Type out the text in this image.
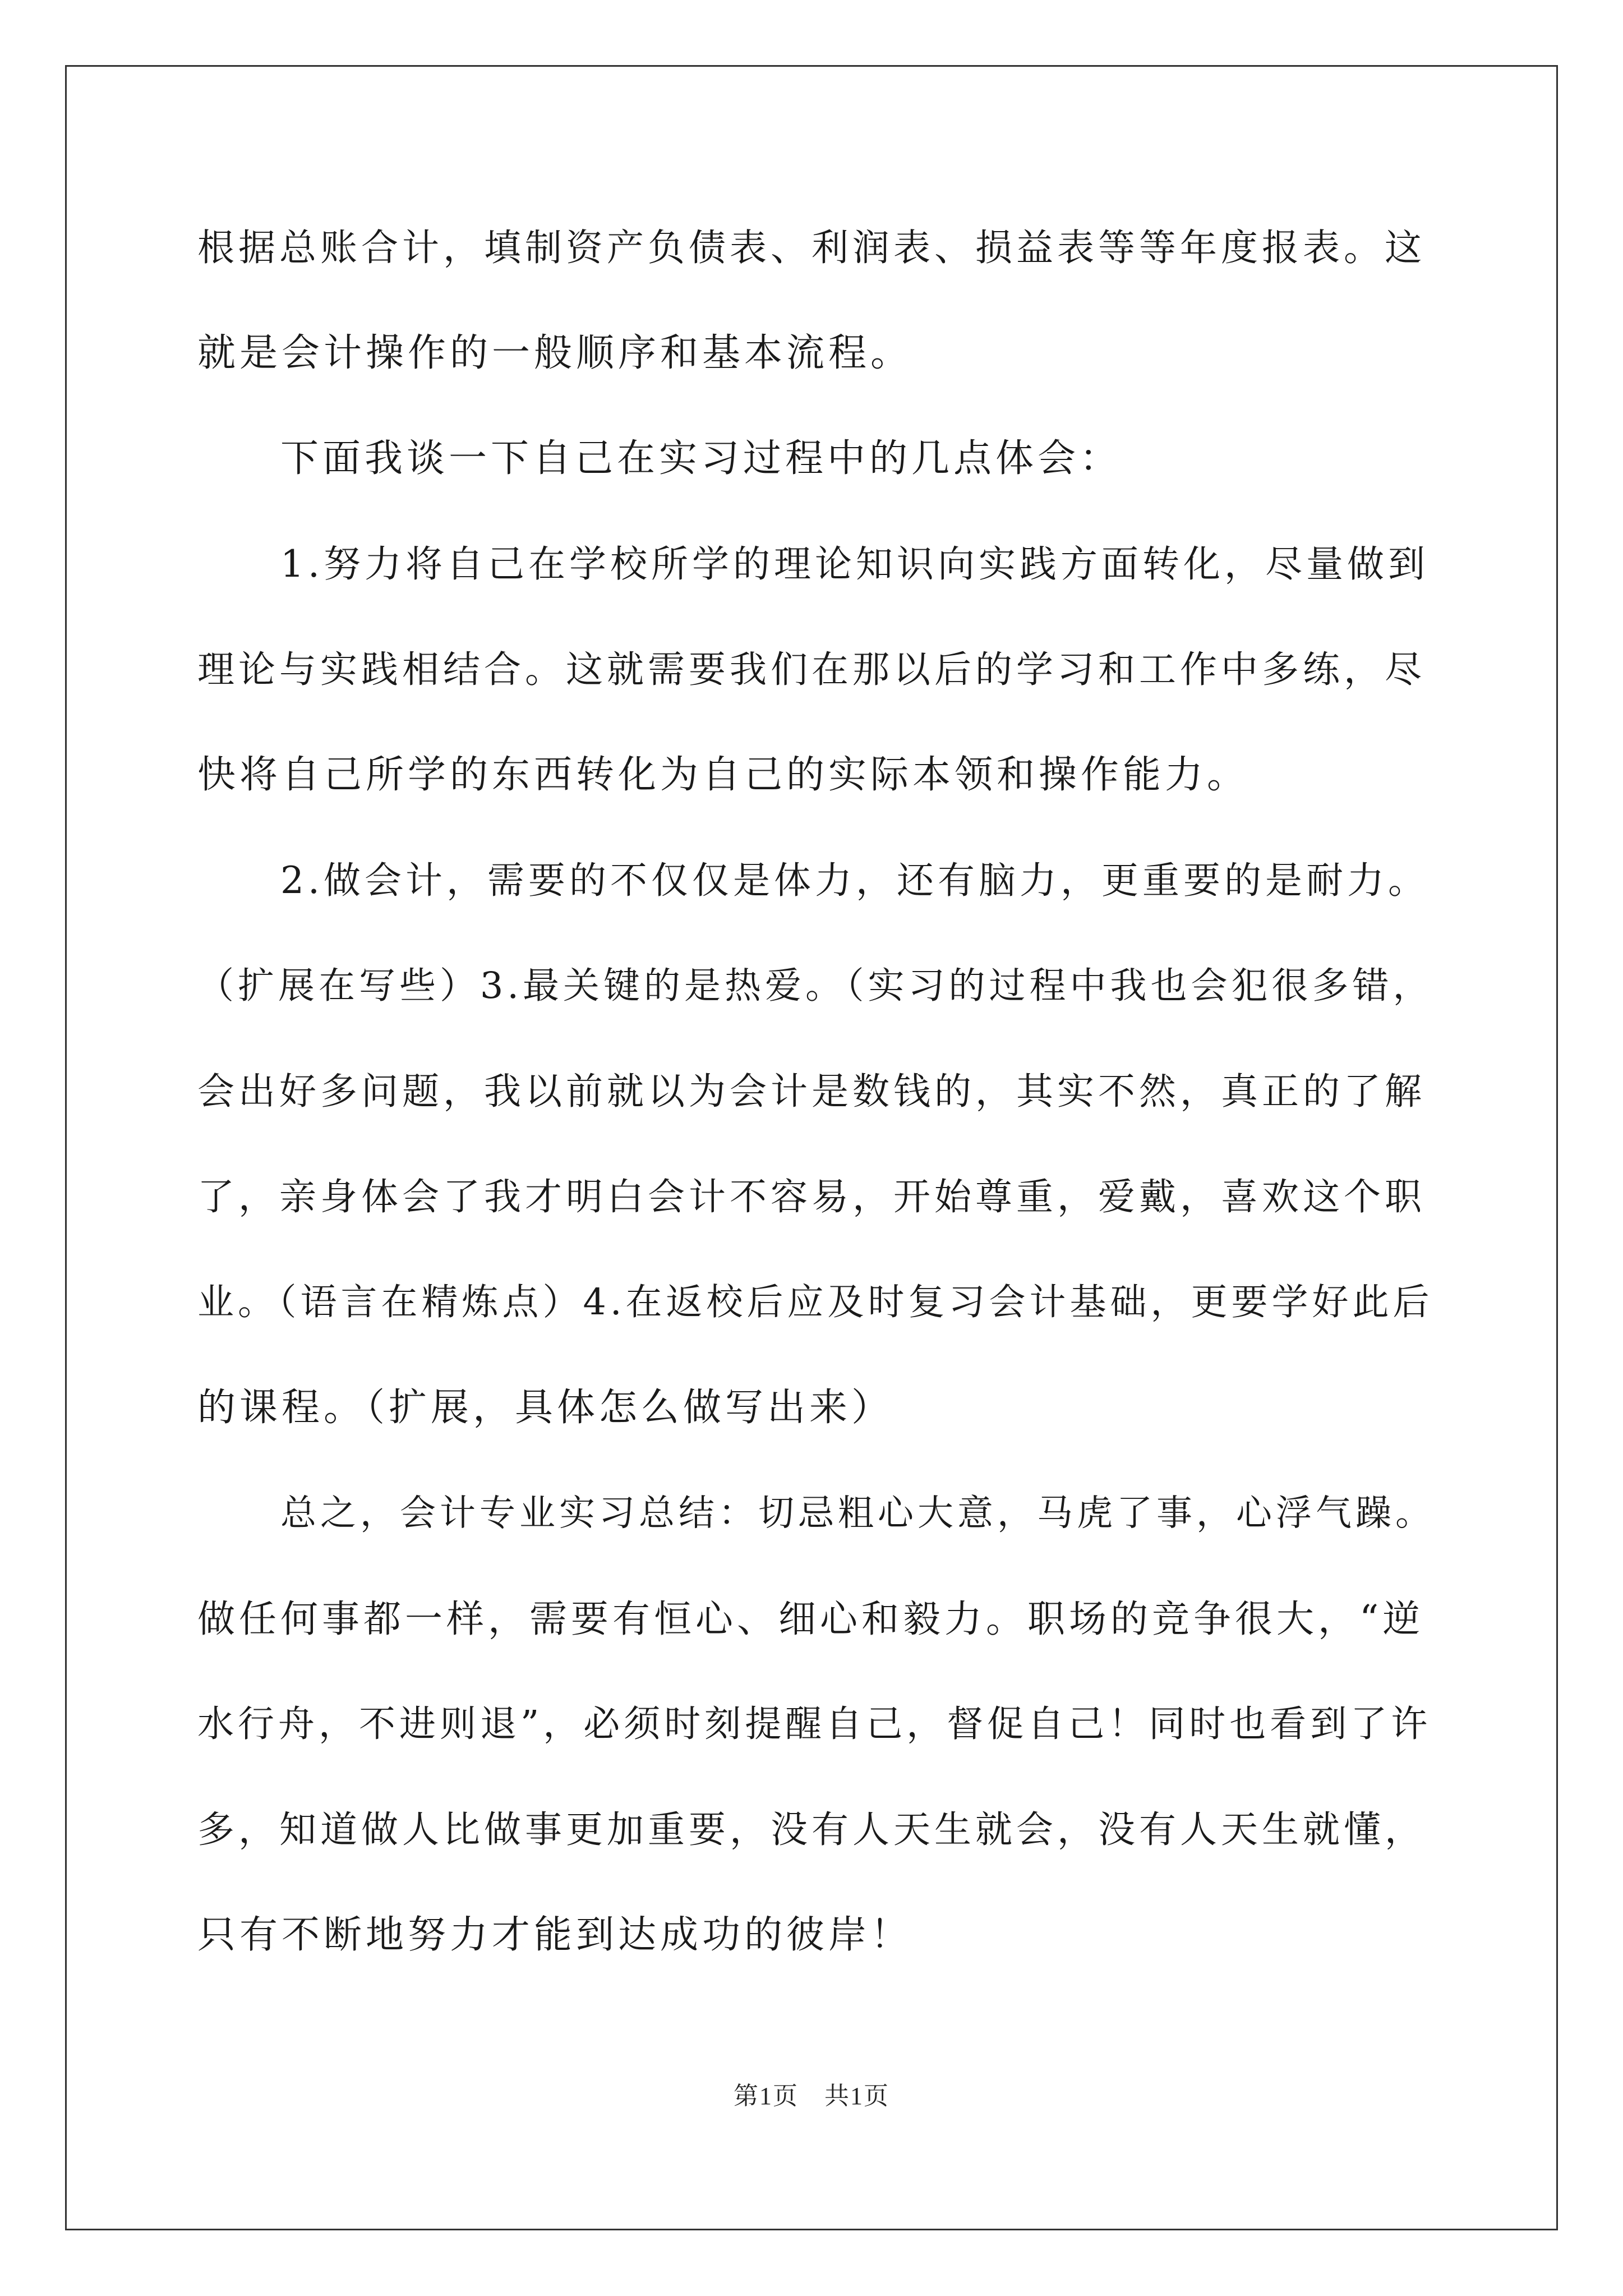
根据总账合计，填制资产负债表、利润表、损益表等等年度报表。这
就是会计操作的一般顺序和基本流程。
下面我谈一下自己在实习过程中的几点体会：
1.努力将自己在学校所学的理论知识向实践方面转化，尽量做到
理论与实践相结合。这就需要我们在那以后的学习和工作中多练，尽
快将自己所学的东西转化为自己的实际本领和操作能力。
2.做会计，需要的不仅仅是体力，还有脑力，更重要的是耐力。
（扩展在写些）3.最关键的是热爱。（实习的过程中我也会犯很多错，
会出好多问题，我以前就以为会计是数钱的，其实不然，真正的了解
了，亲身体会了我才明白会计不容易，开始尊重，爱戴，喜欢这个职
业。（语言在精炼点）4.在返校后应及时复习会计基础，更要学好此后
的课程。（扩展，具体怎么做写出来）
总之，会计专业实习总结：切忌粗心大意，马虎了事，心浮气躁。
做任何事都一样，需要有恒心、细心和毅力。职场的竞争很大，“逆
水行舟，不进则退”，必须时刻提醒自己，督促自己！同时也看到了许
多，知道做人比做事更加重要，没有人天生就会，没有人天生就懂，
只有不断地努力才能到达成功的彼岸！
第1页　共1页
